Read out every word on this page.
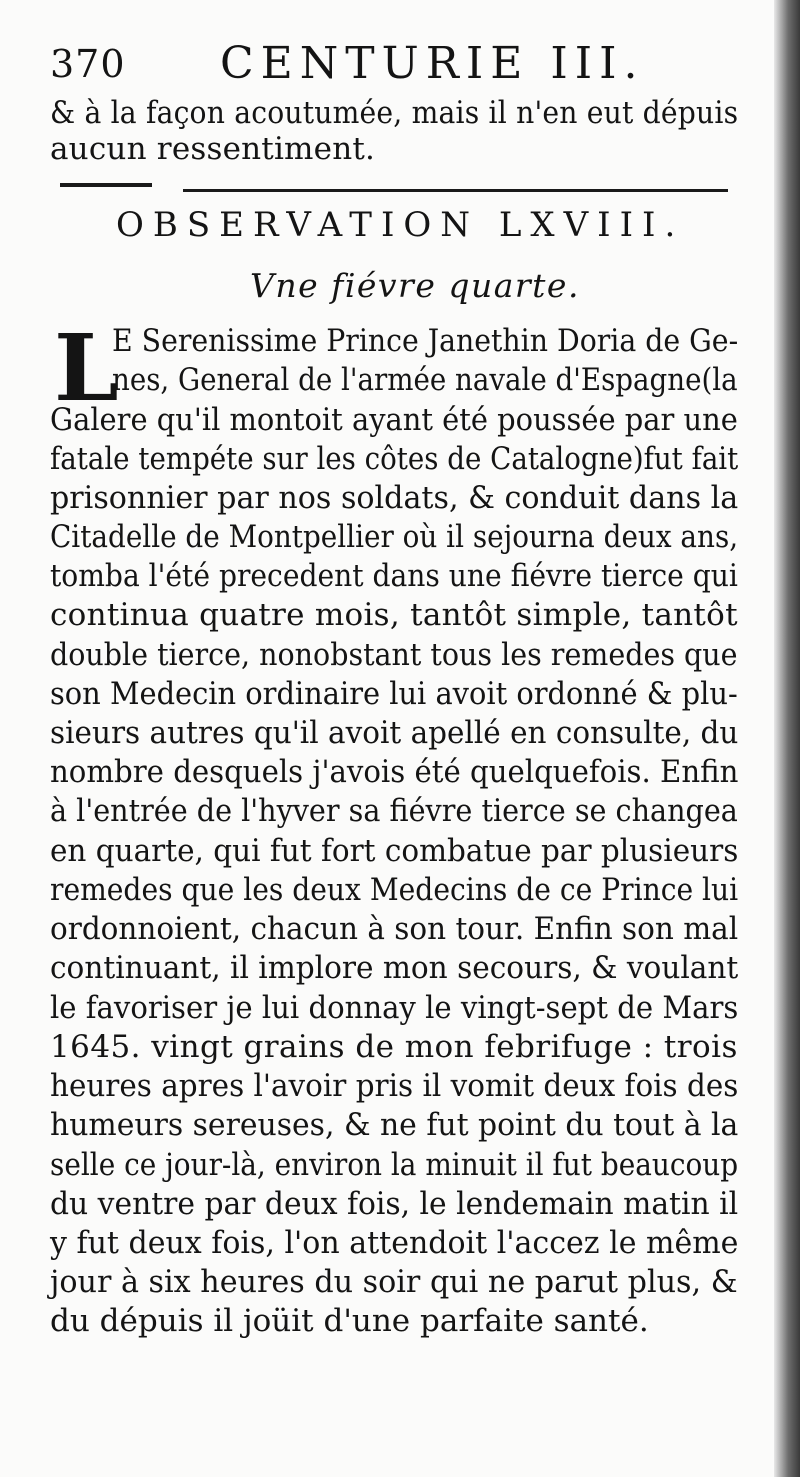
370 CENTURIE III.
& à la façon acoutumée, mais il n'en eut dépuis
aucun ressentiment.
OBSERVATION LXVIII.
Vne fiévre quarte.
L
E Serenissime Prince Janethin Doria de Ge-
nes, General de l'armée navale d'Espagne(la
Galere qu'il montoit ayant été poussée par une
fatale tempéte sur les côtes de Catalogne)fut fait
prisonnier par nos soldats, & conduit dans la
Citadelle de Montpellier où il sejourna deux ans,
tomba l'été precedent dans une fiévre tierce qui
continua quatre mois, tantôt simple, tantôt
double tierce, nonobstant tous les remedes que
son Medecin ordinaire lui avoit ordonné & plu-
sieurs autres qu'il avoit apellé en consulte, du
nombre desquels j'avois été quelquefois. Enfin
à l'entrée de l'hyver sa fiévre tierce se changea
en quarte, qui fut fort combatue par plusieurs
remedes que les deux Medecins de ce Prince lui
ordonnoient, chacun à son tour. Enfin son mal
continuant, il implore mon secours, & voulant
le favoriser je lui donnay le vingt-sept de Mars
1645. vingt grains de mon febrifuge : trois
heures apres l'avoir pris il vomit deux fois des
humeurs sereuses, & ne fut point du tout à la
selle ce jour-là, environ la minuit il fut beaucoup
du ventre par deux fois, le lendemain matin il
y fut deux fois, l'on attendoit l'accez le même
jour à six heures du soir qui ne parut plus, &
du dépuis il joüit d'une parfaite santé.
